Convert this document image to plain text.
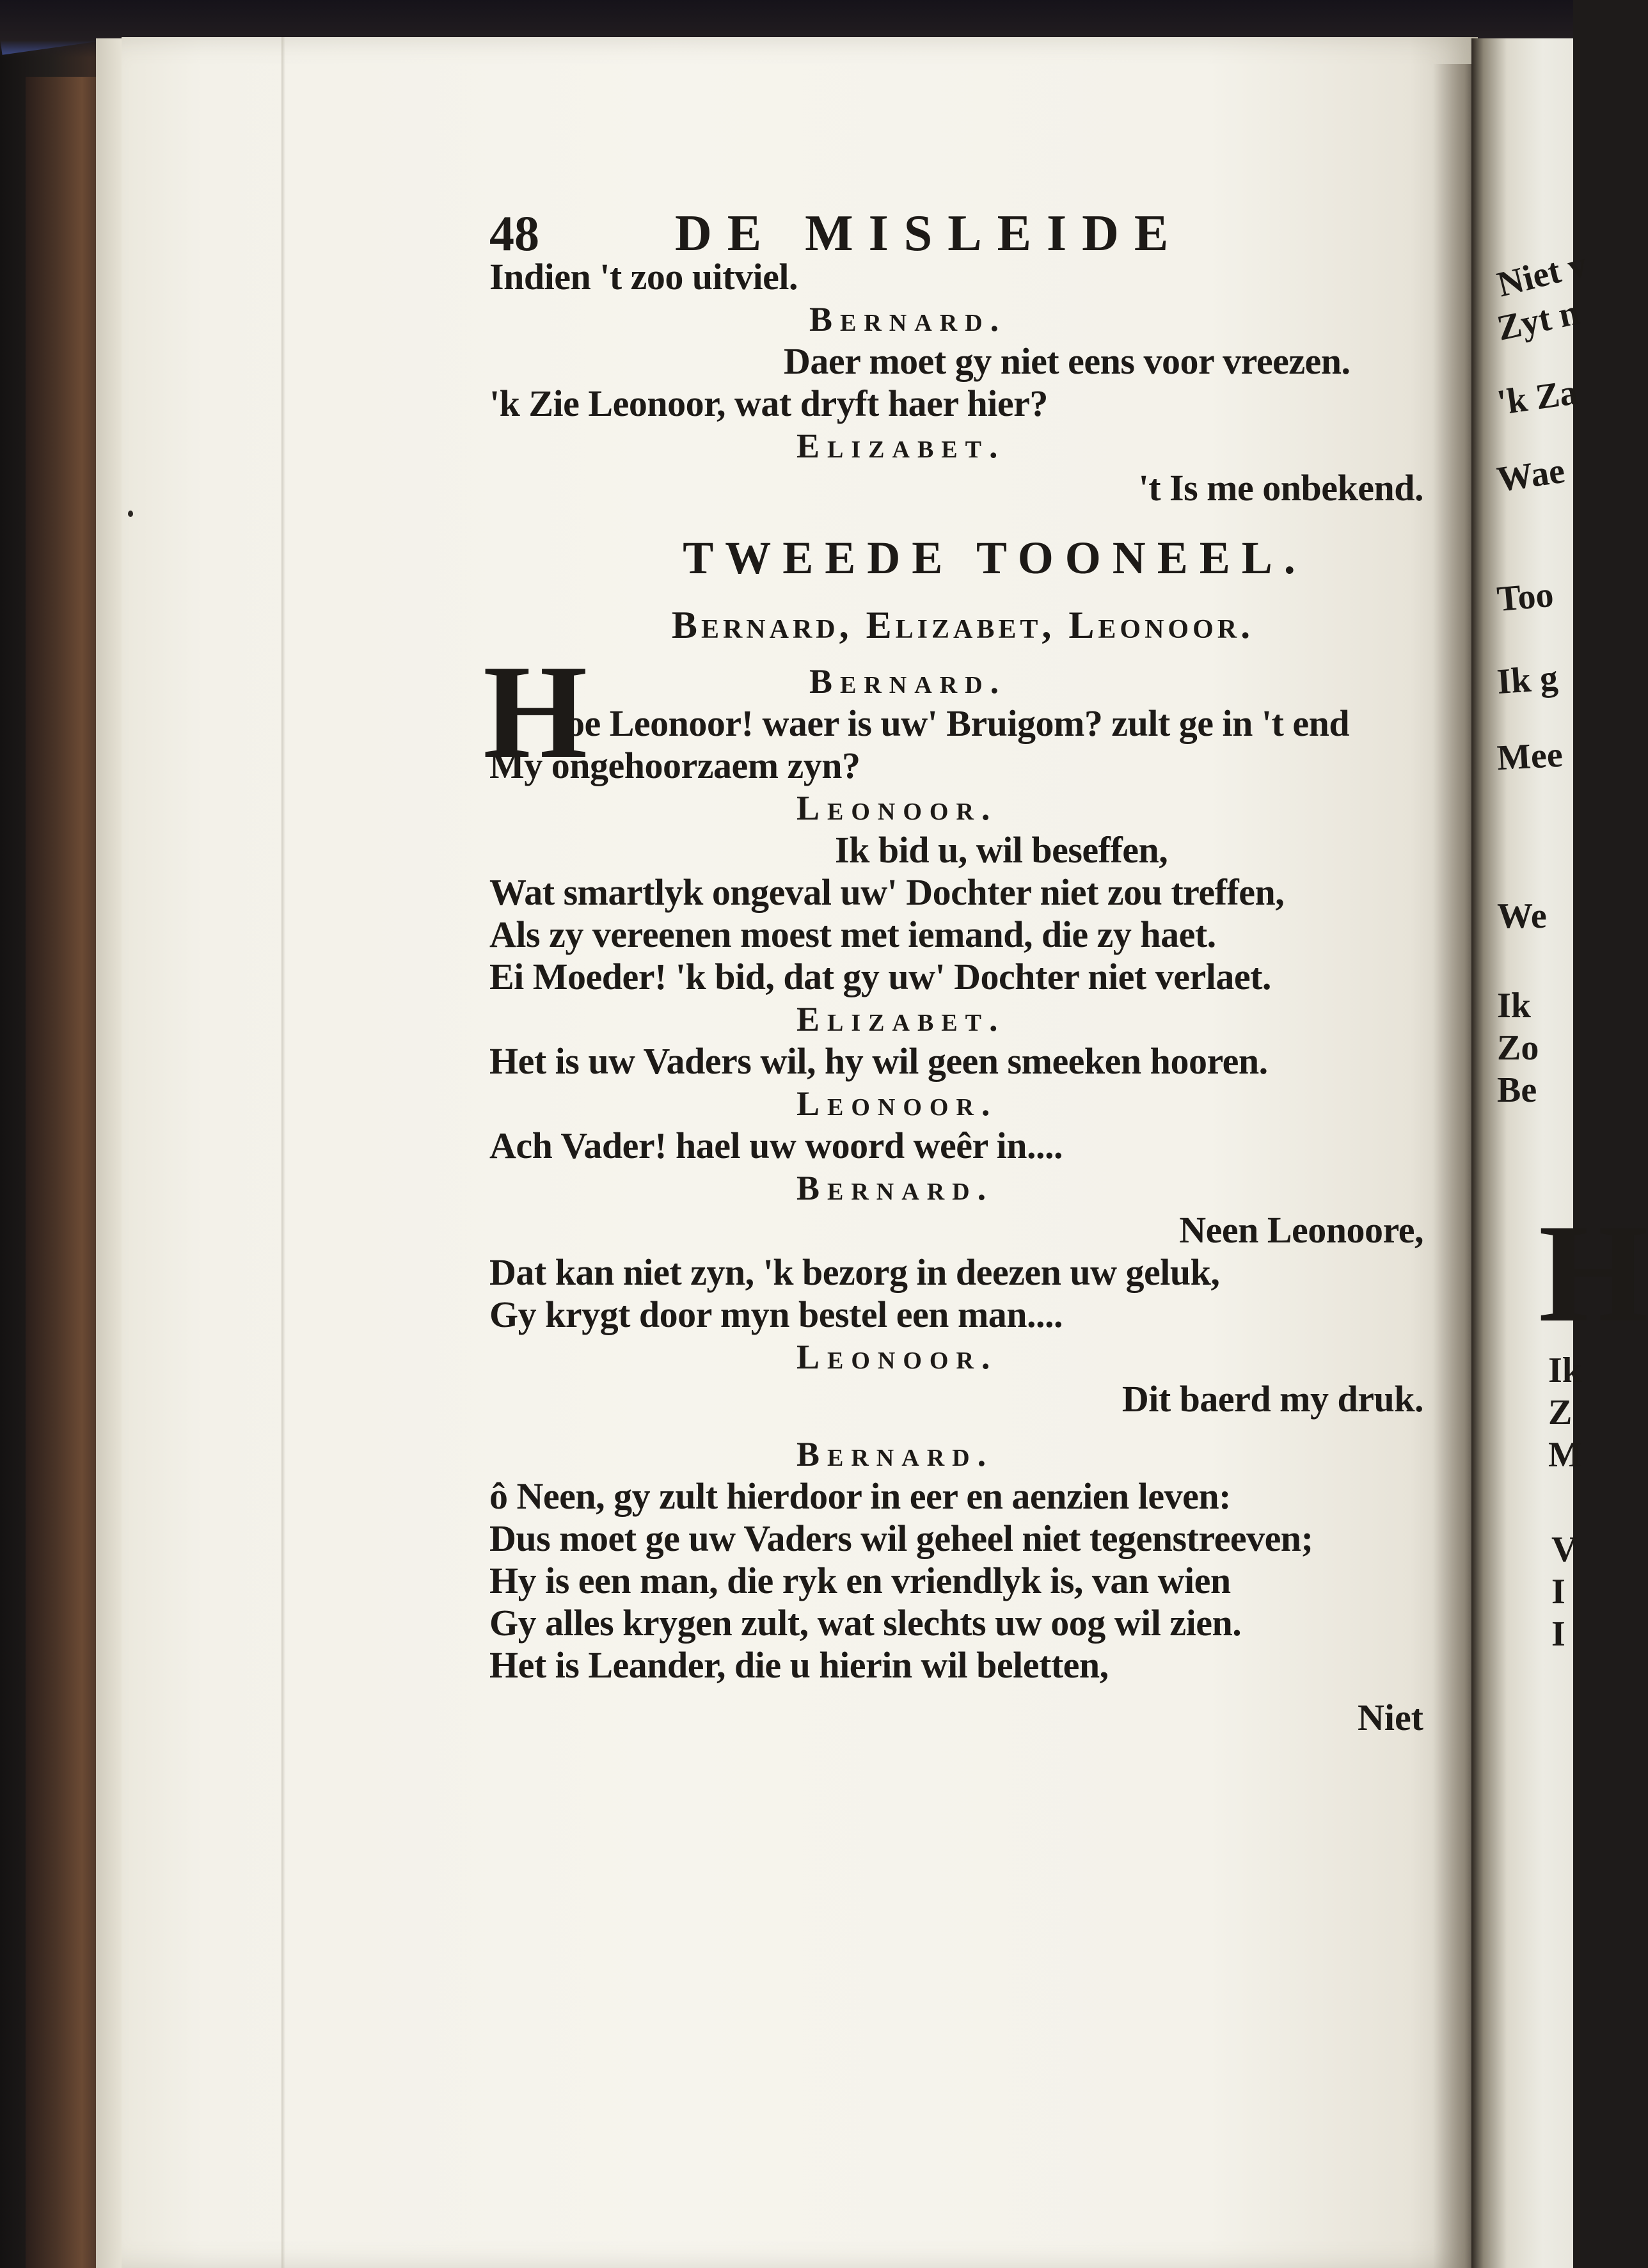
48	DE MISLEIDE
Indien 't zoo uitviel.
Bernard.
Daer moet gy niet eens voor vreezen.
'k Zie Leonoor, wat dryft haer hier?
Elizabet.
't Is me onbekend.
TWEEDE TOONEEL.
Bernard, Elizabet, Leonoor.
H	Bernard.
oe Leonoor! waer is uw' Bruigom? zult ge in 't end
My ongehoorzaem zyn?
Leonoor.
Ik bid u, wil beseffen,
Wat smartlyk ongeval uw' Dochter niet zou treffen,
Als zy vereenen moest met iemand, die zy haet.
Ei Moeder! 'k bid, dat gy uw' Dochter niet verlaet.
Elizabet.
Het is uw Vaders wil, hy wil geen smeeken hooren.
Leonoor.
Ach Vader! hael uw woord weêr in....
Bernard.
Neen Leonoore,
Dat kan niet zyn, 'k bezorg in deezen uw geluk,
Gy krygt door myn bestel een man....
Leonoor.
Dit baerd my druk.
Bernard.
ô Neen, gy zult hierdoor in eer en aenzien leven:
Dus moet ge uw Vaders wil geheel niet tegenstreeven;
Hy is een man, die ryk en vriendlyk is, van wien
Gy alles krygen zult, wat slechts uw oog wil zien.
Het is Leander, die u hierin wil beletten,
Niet
Niet v
Zyt n
'k Za
Wae
Too
Ik g
Mee
We
Ik
Zo
Be
H
Ik
Z
M
V
I
I
